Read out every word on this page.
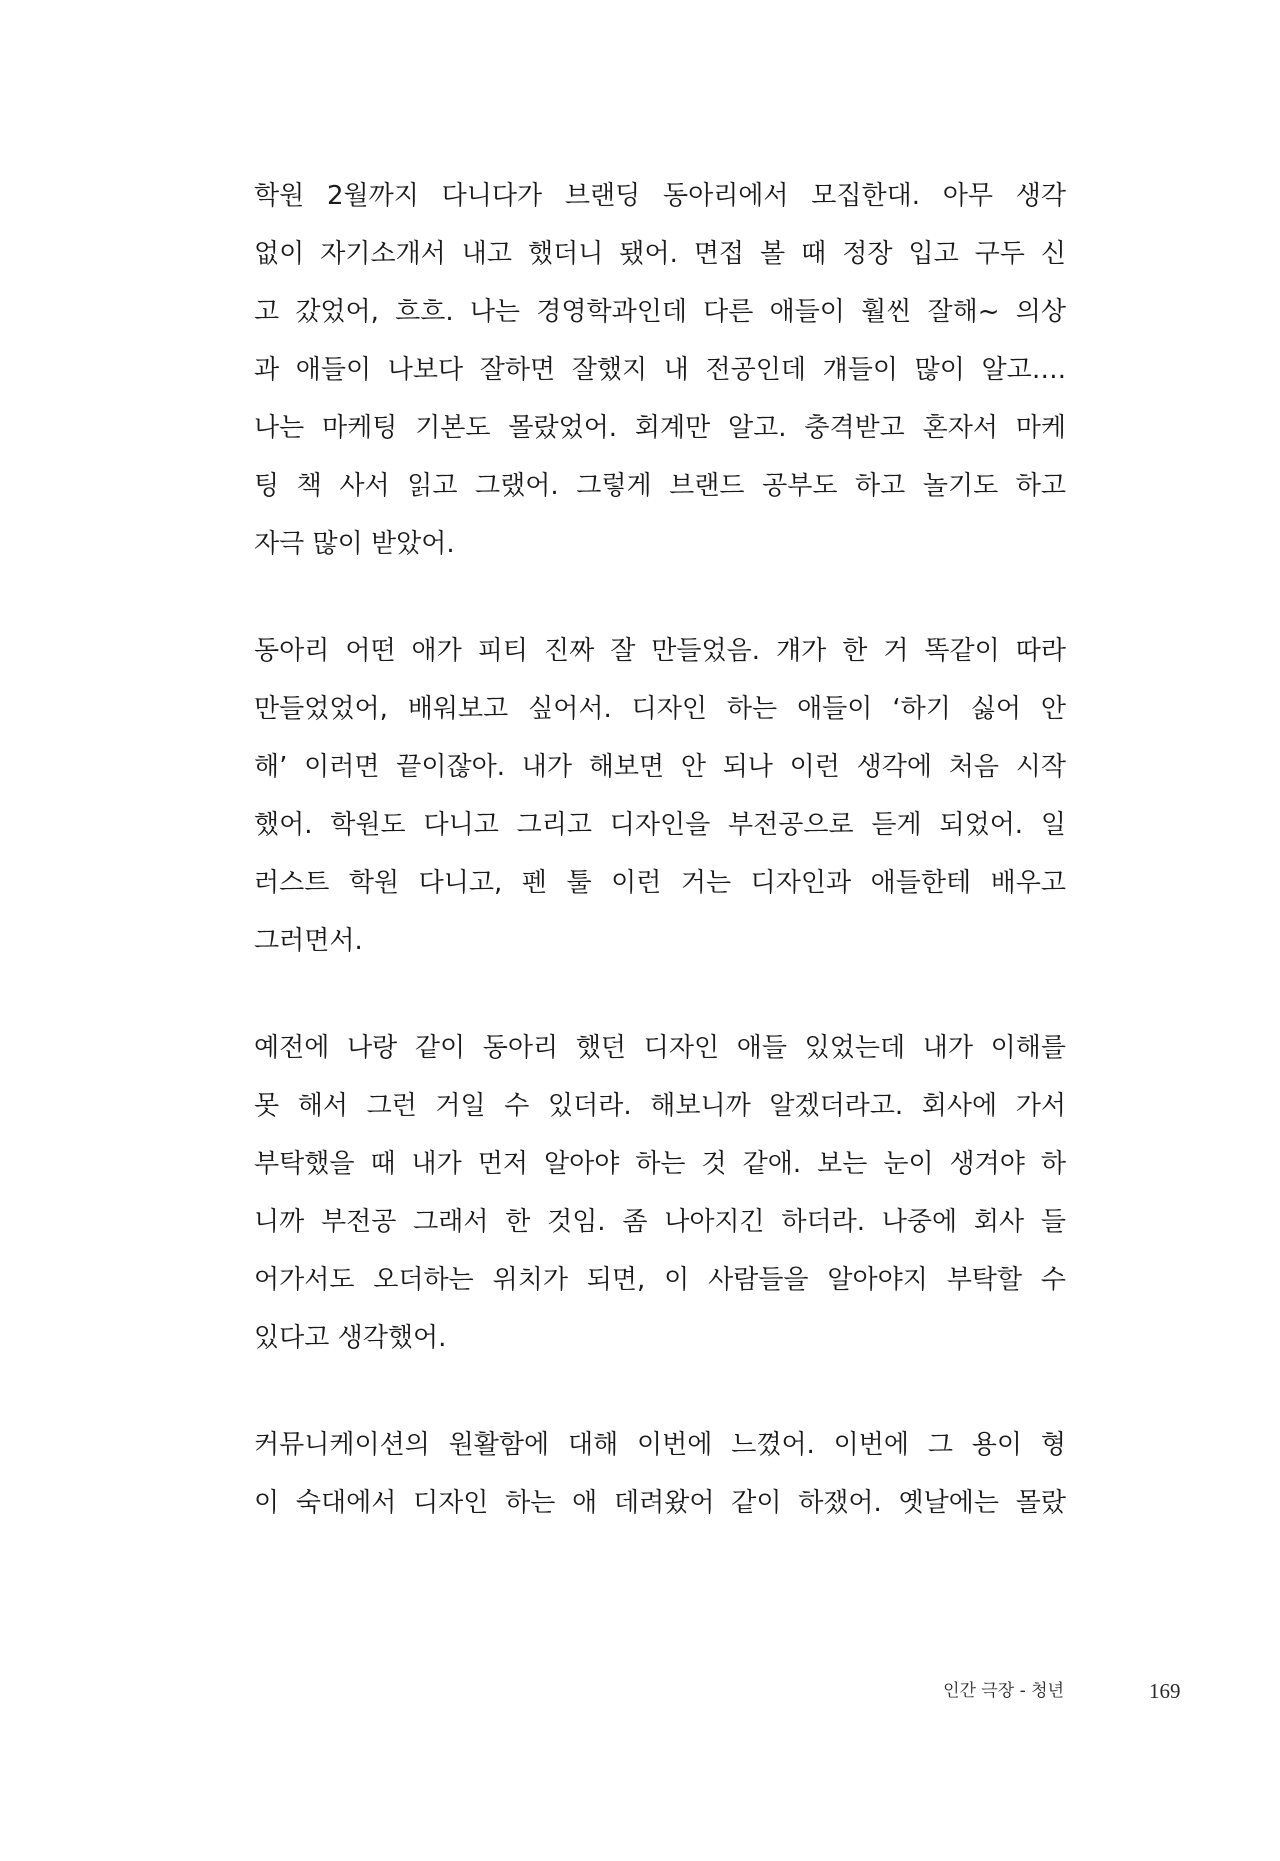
학원 2월까지 다니다가 브랜딩 동아리에서 모집한대. 아무 생각
없이 자기소개서 내고 했더니 됐어. 면접 볼 때 정장 입고 구두 신
고 갔었어, 흐흐. 나는 경영학과인데 다른 애들이 훨씬 잘해~ 의상
과 애들이 나보다 잘하면 잘했지 내 전공인데 걔들이 많이 알고….
나는 마케팅 기본도 몰랐었어. 회계만 알고. 충격받고 혼자서 마케
팅 책 사서 읽고 그랬어. 그렇게 브랜드 공부도 하고 놀기도 하고
자극 많이 받았어.
동아리 어떤 애가 피티 진짜 잘 만들었음. 걔가 한 거 똑같이 따라
만들었었어, 배워보고 싶어서. 디자인 하는 애들이 ‘하기 싫어 안
해’ 이러면 끝이잖아. 내가 해보면 안 되나 이런 생각에 처음 시작
했어. 학원도 다니고 그리고 디자인을 부전공으로 듣게 되었어. 일
러스트 학원 다니고, 펜 툴 이런 거는 디자인과 애들한테 배우고
그러면서.
예전에 나랑 같이 동아리 했던 디자인 애들 있었는데 내가 이해를
못 해서 그런 거일 수 있더라. 해보니까 알겠더라고. 회사에 가서
부탁했을 때 내가 먼저 알아야 하는 것 같애. 보는 눈이 생겨야 하
니까 부전공 그래서 한 것임. 좀 나아지긴 하더라. 나중에 회사 들
어가서도 오더하는 위치가 되면, 이 사람들을 알아야지 부탁할 수
있다고 생각했어.
커뮤니케이션의 원활함에 대해 이번에 느꼈어. 이번에 그 용이 형
이 숙대에서 디자인 하는 애 데려왔어 같이 하쟀어. 옛날에는 몰랐
인간 극장 - 청년	169
